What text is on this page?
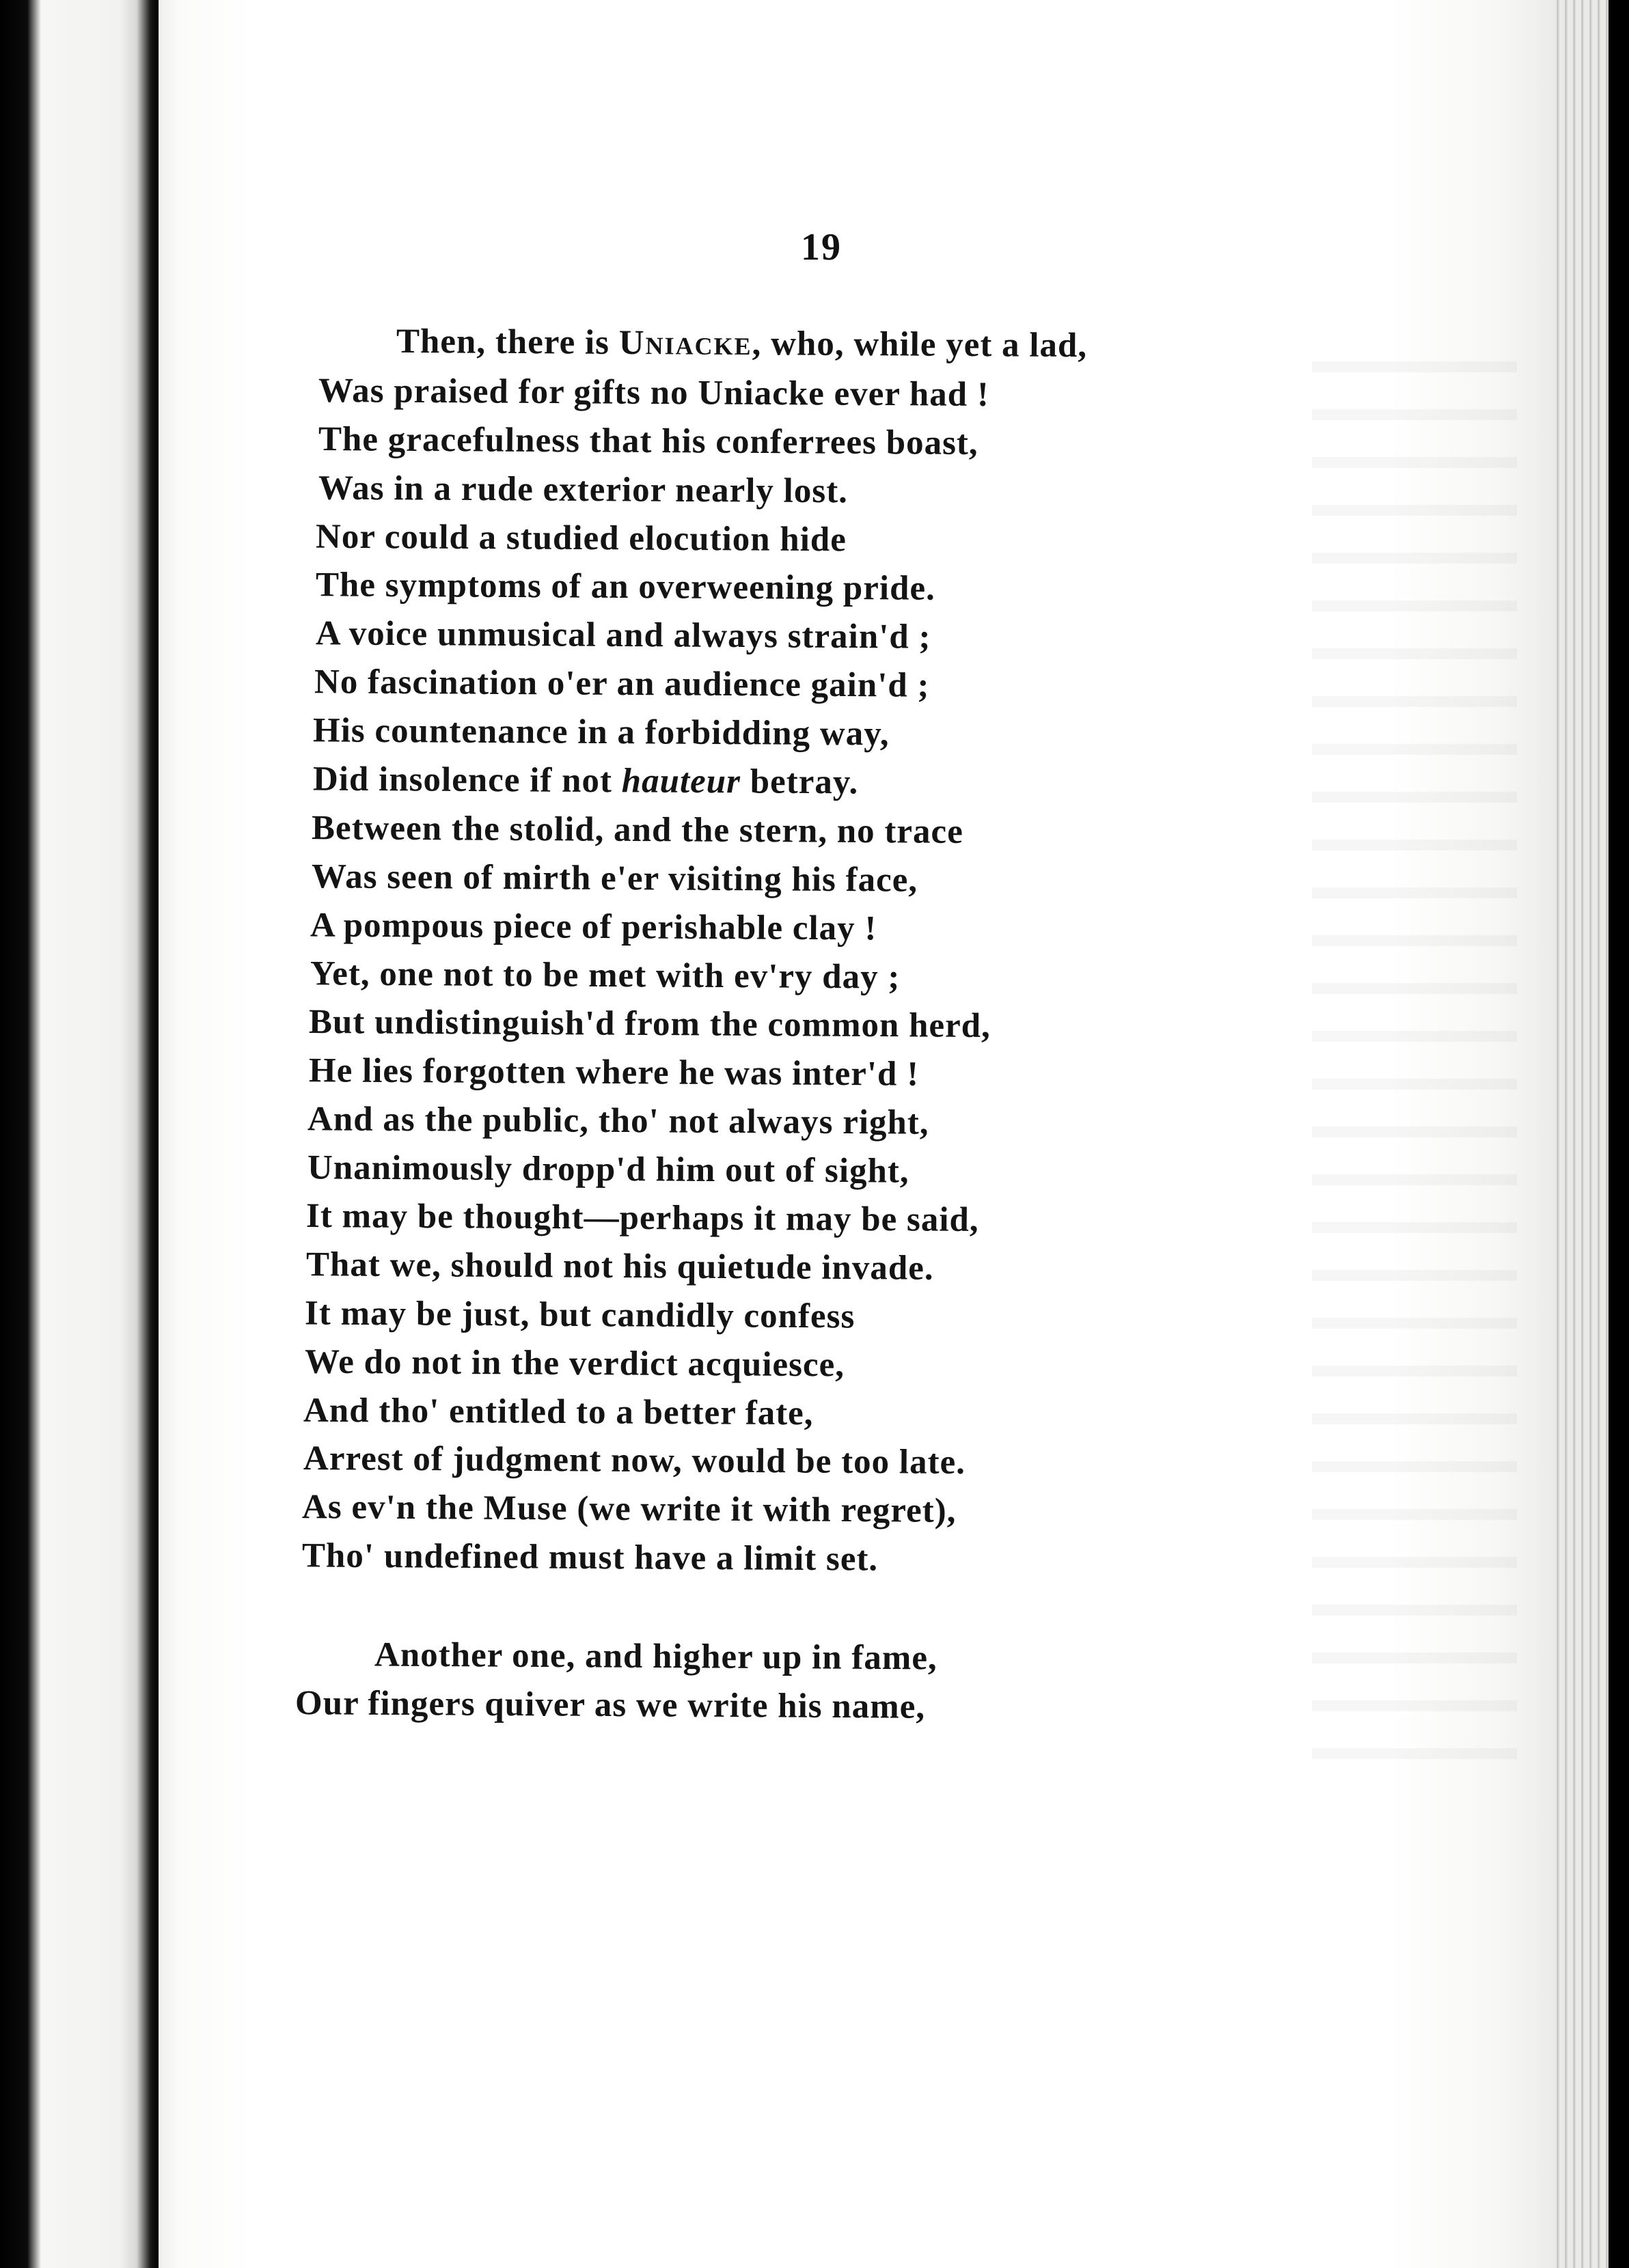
19
Then, there is Uniacke, who, while yet a lad,
Was praised for gifts no Uniacke ever had !
The gracefulness that his conferrees boast,
Was in a rude exterior nearly lost.
Nor could a studied elocution hide
The symptoms of an overweening pride.
A voice unmusical and always strain'd ;
No fascination o'er an audience gain'd ;
His countenance in a forbidding way,
Did insolence if not hauteur betray.
Between the stolid, and the stern, no trace
Was seen of mirth e'er visiting his face,
A pompous piece of perishable clay !
Yet, one not to be met with ev'ry day ;
But undistinguish'd from the common herd,
He lies forgotten where he was inter'd !
And as the public, tho' not always right,
Unanimously dropp'd him out of sight,
It may be thought—perhaps it may be said,
That we, should not his quietude invade.
It may be just, but candidly confess
We do not in the verdict acquiesce,
And tho' entitled to a better fate,
Arrest of judgment now, would be too late.
As ev'n the Muse (we write it with regret),
Tho' undefined must have a limit set.
Another one, and higher up in fame,
Our fingers quiver as we write his name,
